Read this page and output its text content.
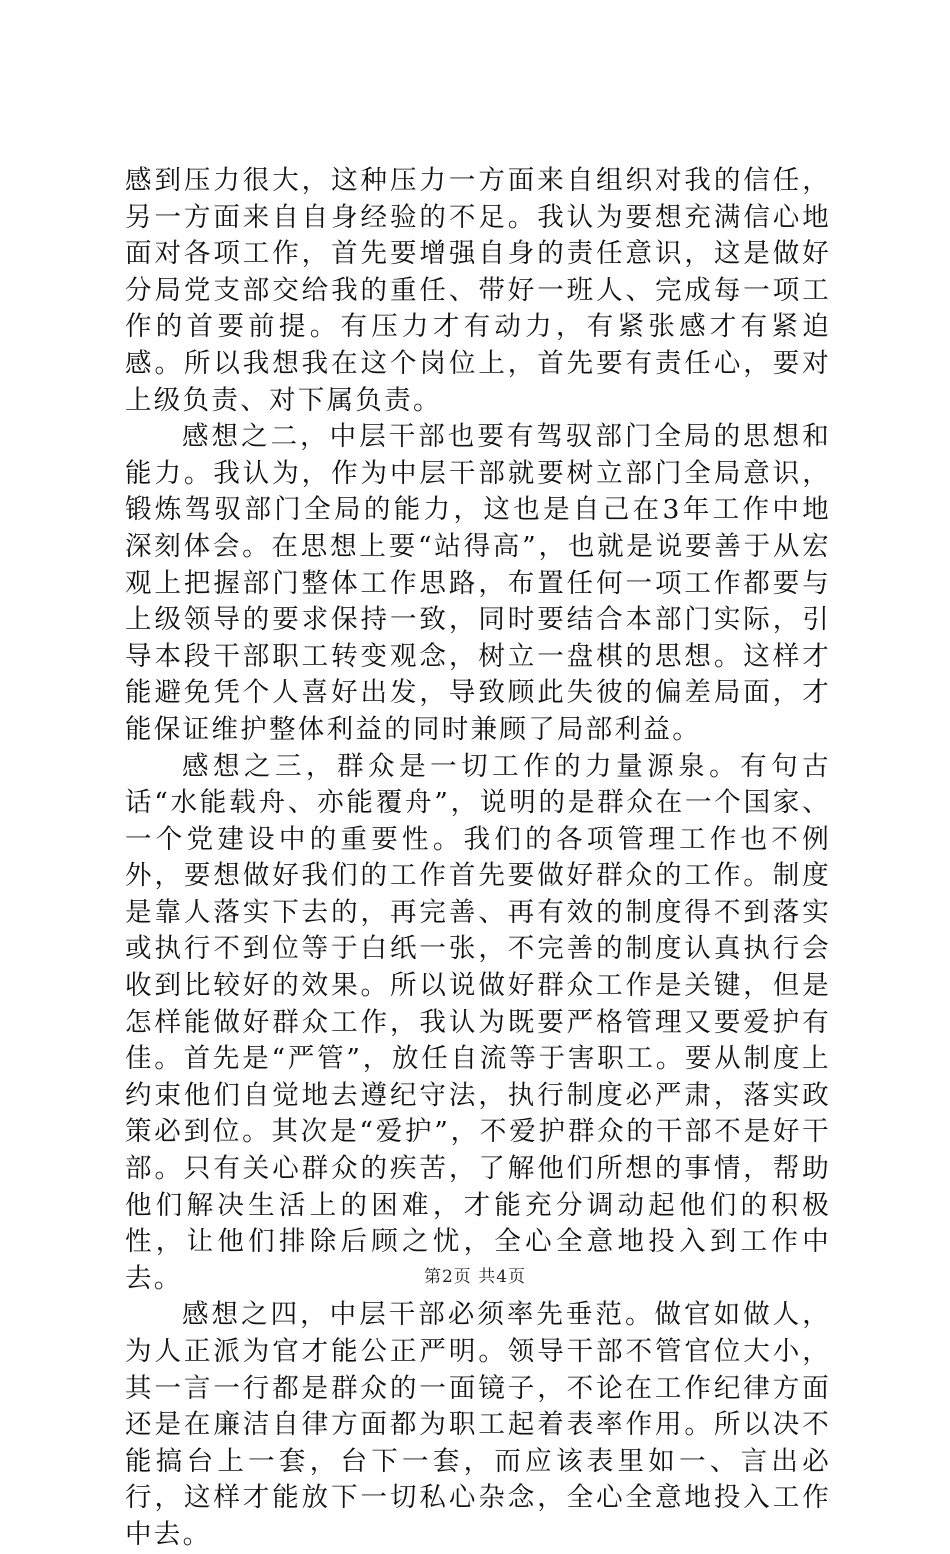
感到压力很大，这种压力一方面来自组织对我的信任，另一方面来自自身经验的不足。我认为要想充满信心地面对各项工作，首先要增强自身的责任意识，这是做好分局党支部交给我的重任、带好一班人、完成每一项工作的首要前提。有压力才有动力，有紧张感才有紧迫感。所以我想我在这个岗位上，首先要有责任心，要对上级负责、对下属负责。

感想之二，中层干部也要有驾驭部门全局的思想和能力。我认为，作为中层干部就要树立部门全局意识，锻炼驾驭部门全局的能力，这也是自己在3年工作中地深刻体会。在思想上要“站得高”，也就是说要善于从宏观上把握部门整体工作思路，布置任何一项工作都要与上级领导的要求保持一致，同时要结合本部门实际，引导本段干部职工转变观念，树立一盘棋的思想。这样才能避免凭个人喜好出发，导致顾此失彼的偏差局面，才能保证维护整体利益的同时兼顾了局部利益。

感想之三，群众是一切工作的力量源泉。有句古话“水能载舟、亦能覆舟”，说明的是群众在一个国家、一个党建设中的重要性。我们的各项管理工作也不例外，要想做好我们的工作首先要做好群众的工作。制度是靠人落实下去的，再完善、再有效的制度得不到落实或执行不到位等于白纸一张，不完善的制度认真执行会收到比较好的效果。所以说做好群众工作是关键，但是怎样能做好群众工作，我认为既要严格管理又要爱护有佳。首先是“严管”，放任自流等于害职工。要从制度上约束他们自觉地去遵纪守法，执行制度必严肃，落实政策必到位。其次是“爱护”，不爱护群众的干部不是好干部。只有关心群众的疾苦，了解他们所想的事情，帮助他们解决生活上的困难，才能充分调动起他们的积极性，让他们排除后顾之忧，全心全意地投入到工作中去。

感想之四，中层干部必须率先垂范。做官如做人，为人正派为官才能公正严明。领导干部不管官位大小，其一言一行都是群众的一面镜子，不论在工作纪律方面还是在廉洁自律方面都为职工起着表率作用。所以决不能搞台上一套，台下一套，而应该表里如一、言出必行，这样才能放下一切私心杂念，全心全意地投入工作中去。

第2页 共4页
